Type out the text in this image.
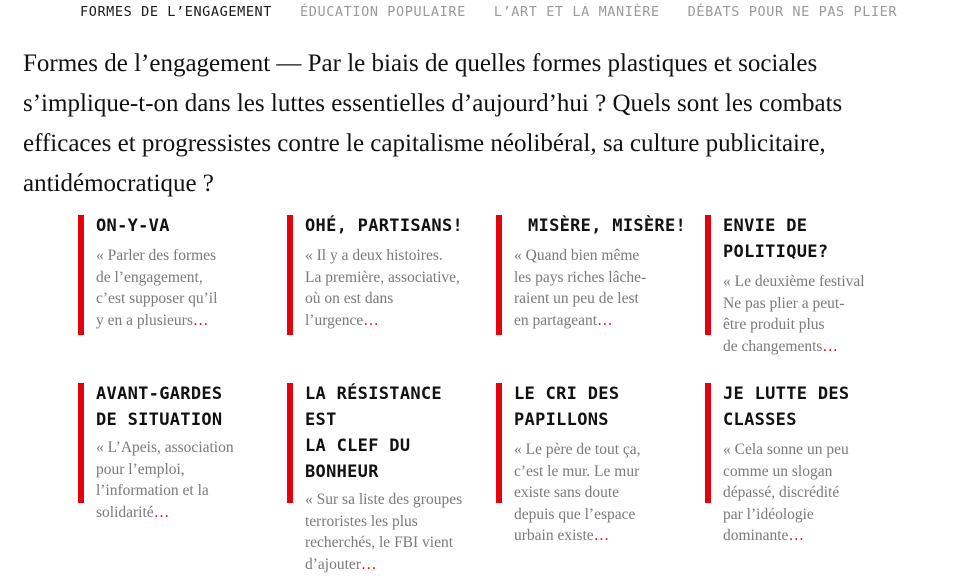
FORMES DE L’ENGAGEMENT ÉDUCATION POPULAIRE L’ART ET LA MANIÈRE DÉBATS POUR NE PAS PLIER

Formes de l’engagement — Par le biais de quelles formes plastiques et sociales s’implique-t-on dans les luttes essentielles d’aujourd’hui ? Quels sont les combats efficaces et progressistes contre le capitalisme néolibéral, sa culture publicitaire, antidémocratique ?

ON-Y-VA

« Parler des formes
de l’engagement,
c’est supposer qu’il
y en a plusieurs…

OHÉ, PARTISANS!

« Il y a deux histoires.
La première, associative,
où on est dans
l’urgence…

MISÈRE, MISÈRE!

« Quand bien même
les pays riches lâche-
raient un peu de lest
en partageant…

ENVIE DE POLITIQUE?

« Le deuxième festival
Ne pas plier a peut-
être produit plus
de changements…

AVANT-GARDES
DE SITUATION

« L’Apeis, association
pour l’emploi,
l’information et la
solidarité…

LA RÉSISTANCE EST
LA CLEF DU BONHEUR

« Sur sa liste des groupes
terroristes les plus
recherchés, le FBI vient
d’ajouter…

LE CRI DES PAPILLONS

« Le père de tout ça,
c’est le mur. Le mur
existe sans doute
depuis que l’espace
urbain existe…

JE LUTTE DES CLASSES

« Cela sonne un peu
comme un slogan
dépassé, discrédité
par l’idéologie
dominante…
